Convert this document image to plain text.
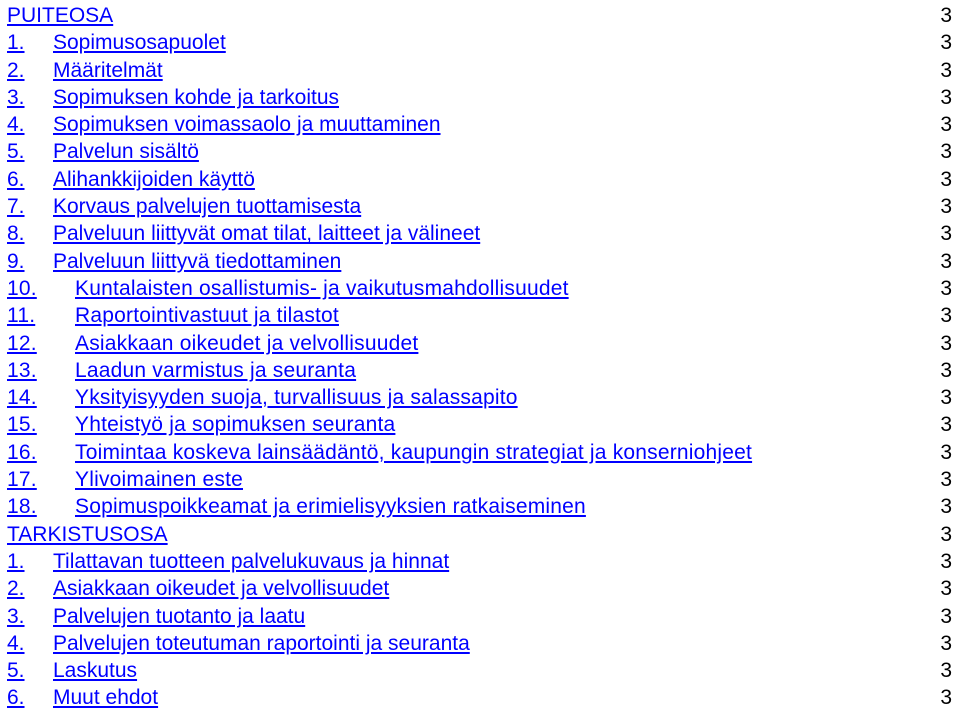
PUITEOSA	3
1. Sopimusosapuolet	3
2. Määritelmät	3
3. Sopimuksen kohde ja tarkoitus	3
4. Sopimuksen voimassaolo ja muuttaminen	3
5. Palvelun sisältö	3
6. Alihankkijoiden käyttö	3
7. Korvaus palvelujen tuottamisesta	3
8. Palveluun liittyvät omat tilat, laitteet ja välineet	3
9. Palveluun liittyvä tiedottaminen	3
10. Kuntalaisten osallistumis- ja vaikutusmahdollisuudet	3
11. Raportointivastuut ja tilastot	3
12. Asiakkaan oikeudet ja velvollisuudet	3
13. Laadun varmistus ja seuranta	3
14. Yksityisyyden suoja, turvallisuus ja salassapito	3
15. Yhteistyö ja sopimuksen seuranta	3
16. Toimintaa koskeva lainsäädäntö, kaupungin strategiat ja konserniohjeet	3
17. Ylivoimainen este	3
18. Sopimuspoikkeamat ja erimielisyyksien ratkaiseminen	3
TARKISTUSOSA	3
1. Tilattavan tuotteen palvelukuvaus ja hinnat	3
2. Asiakkaan oikeudet ja velvollisuudet	3
3. Palvelujen tuotanto ja laatu	3
4. Palvelujen toteutuman raportointi ja seuranta	3
5. Laskutus	3
6. Muut ehdot	3
